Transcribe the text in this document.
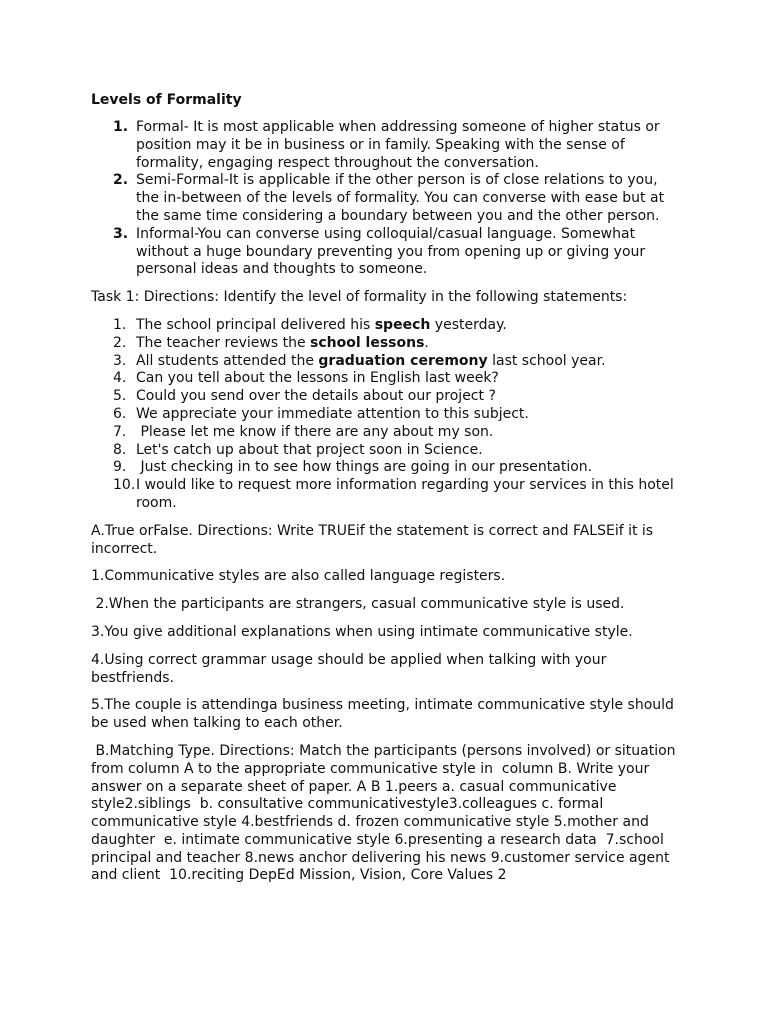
Levels of Formality
1. Formal- It is most applicable when addressing someone of higher status or position may it be in business or in family. Speaking with the sense of formality, engaging respect throughout the conversation.
2. Semi-Formal-It is applicable if the other person is of close relations to you, the in-between of the levels of formality. You can converse with ease but at the same time considering a boundary between you and the other person.
3. Informal-You can converse using colloquial/casual language. Somewhat without a huge boundary preventing you from opening up or giving your personal ideas and thoughts to someone.

Task 1: Directions: Identify the level of formality in the following statements:

1. The school principal delivered his speech yesterday.
2. The teacher reviews the school lessons.
3. All students attended the graduation ceremony last school year.
4. Can you tell about the lessons in English last week?
5. Could you send over the details about our project ?
6. We appreciate your immediate attention to this subject.
7. Please let me know if there are any about my son.
8. Let's catch up about that project soon in Science.
9. Just checking in to see how things are going in our presentation.
10. I would like to request more information regarding your services in this hotel room.

A.True orFalse. Directions: Write TRUEif the statement is correct and FALSEif it is incorrect.

1.Communicative styles are also called language registers.

2.When the participants are strangers, casual communicative style is used.

3.You give additional explanations when using intimate communicative style.

4.Using correct grammar usage should be applied when talking with your bestfriends.

5.The couple is attendinga business meeting, intimate communicative style should be used when talking to each other.

B.Matching Type. Directions: Match the participants (persons involved) or situation from column A to the appropriate communicative style in  column B. Write your answer on a separate sheet of paper. A B 1.peers a. casual communicative style2.siblings  b. consultative communicativestyle3.colleagues c. formal communicative style 4.bestfriends d. frozen communicative style 5.mother and daughter  e. intimate communicative style 6.presenting a research data  7.school principal and teacher 8.news anchor delivering his news 9.customer service agent and client  10.reciting DepEd Mission, Vision, Core Values 2
